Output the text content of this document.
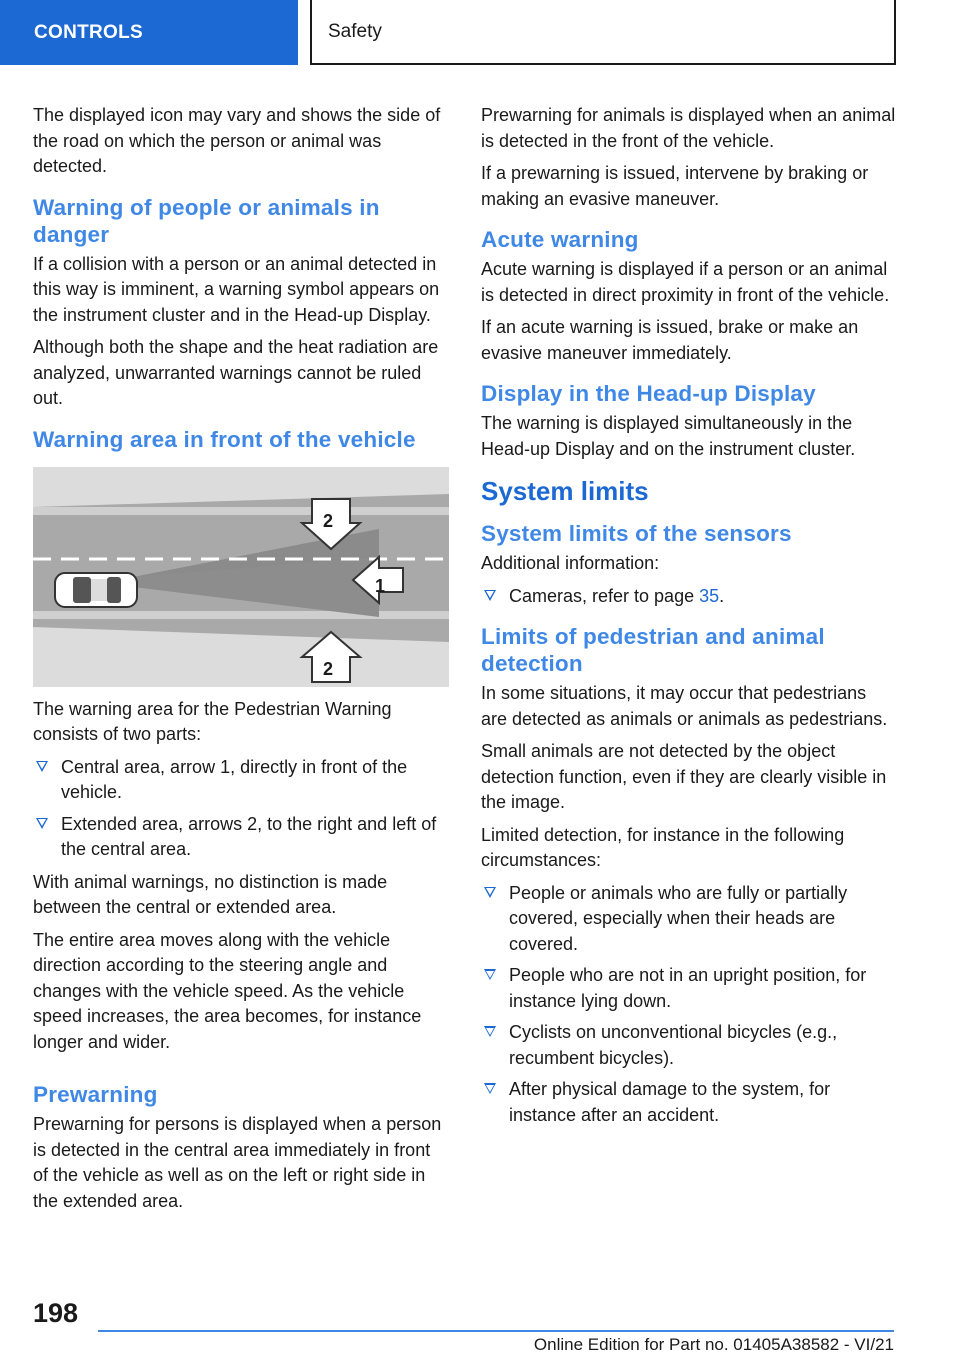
CONTROLS	Safety

The displayed icon may vary and shows the side of the road on which the person or animal was detected.

Warning of people or animals in danger

If a collision with a person or an animal detected in this way is imminent, a warning symbol appears on the instrument cluster and in the Head-up Display.

Although both the shape and the heat radiation are analyzed, unwarranted warnings cannot be ruled out.

Warning area in front of the vehicle
1
2
2

The warning area for the Pedestrian Warning consists of two parts:

Central area, arrow 1, directly in front of the vehicle.
Extended area, arrows 2, to the right and left of the central area.

With animal warnings, no distinction is made between the central or extended area.

The entire area moves along with the vehicle direction according to the steering angle and changes with the vehicle speed. As the vehicle speed increases, the area becomes, for instance longer and wider.

Prewarning

Prewarning for persons is displayed when a person is detected in the central area immediately in front of the vehicle as well as on the left or right side in the extended area.

Prewarning for animals is displayed when an animal is detected in the front of the vehicle.

If a prewarning is issued, intervene by braking or making an evasive maneuver.

Acute warning

Acute warning is displayed if a person or an animal is detected in direct proximity in front of the vehicle.

If an acute warning is issued, brake or make an evasive maneuver immediately.

Display in the Head-up Display

The warning is displayed simultaneously in the Head-up Display and on the instrument cluster.

System limits
System limits of the sensors

Additional information:

Cameras, refer to page 35.
Limits of pedestrian and animal detection

In some situations, it may occur that pedestrians are detected as animals or animals as pedestrians.

Small animals are not detected by the object detection function, even if they are clearly visible in the image.

Limited detection, for instance in the following circumstances:

People or animals who are fully or partially covered, especially when their heads are covered.
People who are not in an upright position, for instance lying down.
Cyclists on unconventional bicycles (e.g., recumbent bicycles).
After physical damage to the system, for instance after an accident.
198
Online Edition for Part no. 01405A38582 - VI/21
